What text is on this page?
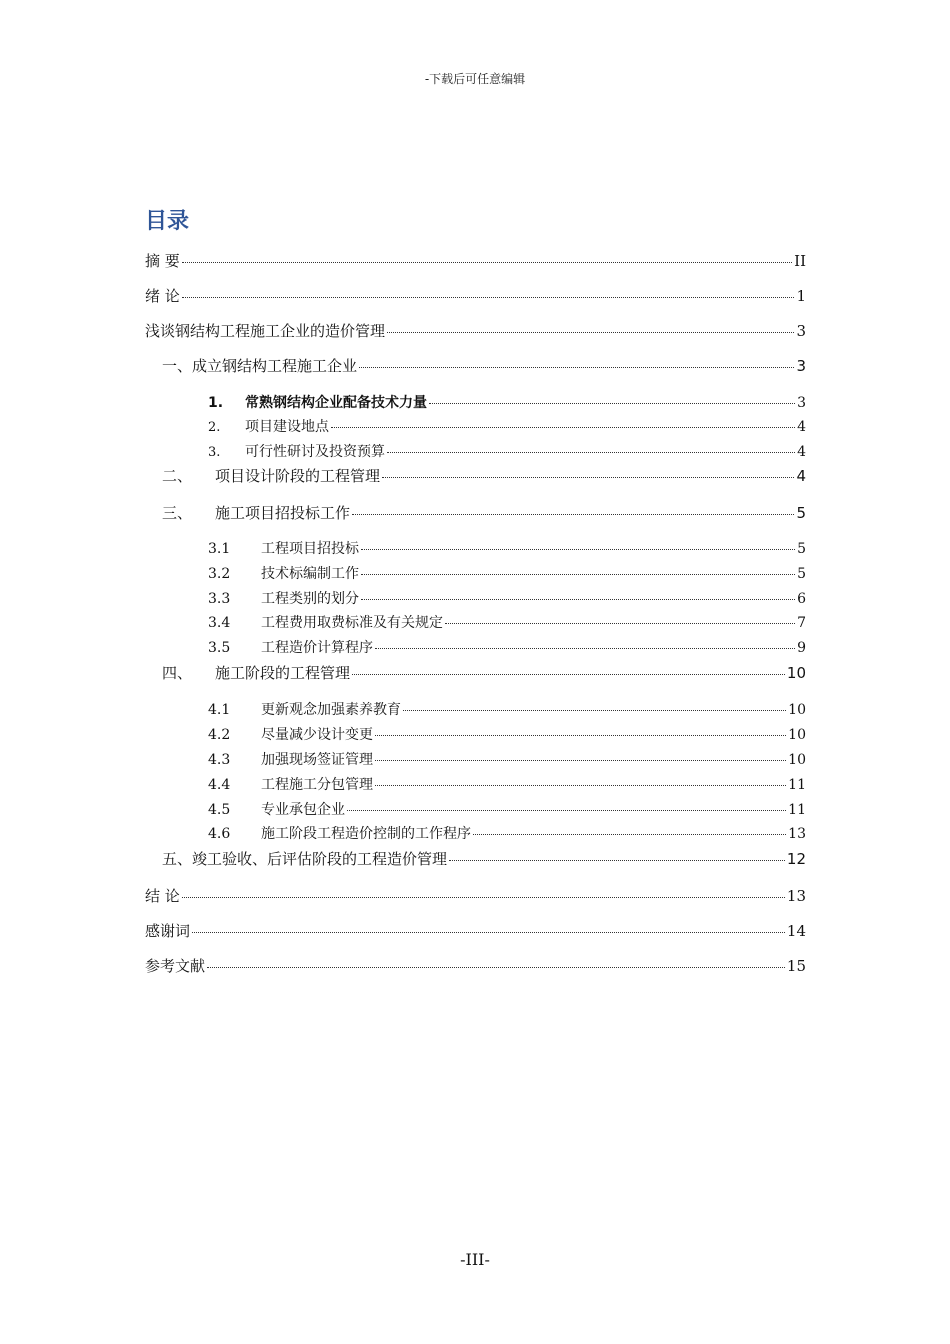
-下载后可任意编辑
目录
摘 要	II
绪 论	1
浅谈钢结构工程施工企业的造价管理	3
一、成立钢结构工程施工企业	3
1.	常熟钢结构企业配备技术力量	3
2.	项目建设地点	4
3.	可行性研讨及投资预算	4
二、	项目设计阶段的工程管理	4
三、	施工项目招投标工作	5
3.1	工程项目招投标	5
3.2	技术标编制工作	5
3.3	工程类别的划分	6
3.4	工程费用取费标准及有关规定	7
3.5	工程造价计算程序	9
四、	施工阶段的工程管理	10
4.1	更新观念加强素养教育	10
4.2	尽量减少设计变更	10
4.3	加强现场签证管理	10
4.4	工程施工分包管理	11
4.5	专业承包企业	11
4.6	施工阶段工程造价控制的工作程序	13
五、竣工验收、后评估阶段的工程造价管理	12
结 论	13
感谢词	14
参考文献	15
-III-
